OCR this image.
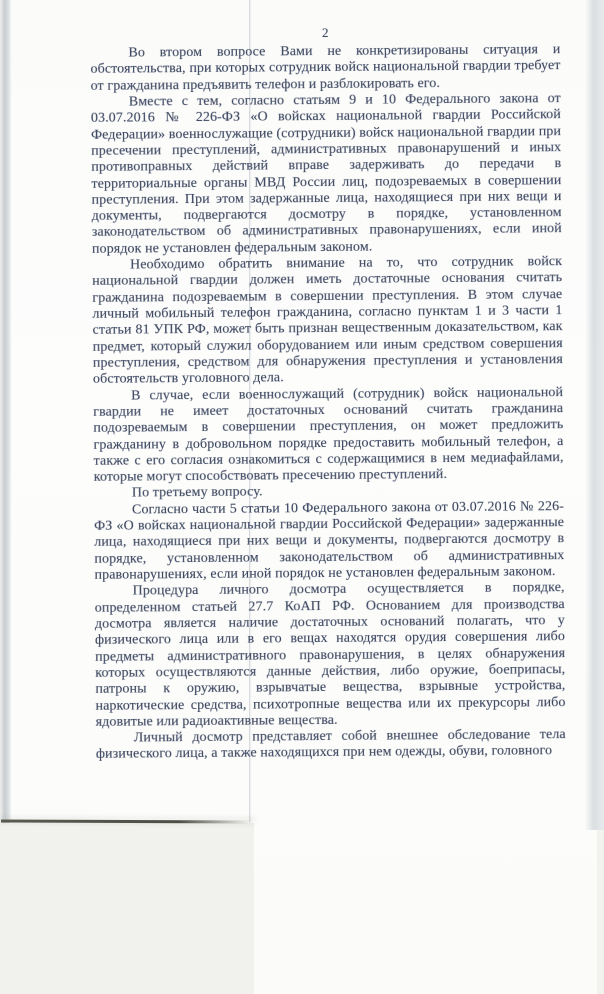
2

Во втором вопросе Вами не конкретизированы ситуация и обстоятельства, при которых сотрудник войск национальной гвардии требует от гражданина предъявить телефон и разблокировать его.

Вместе с тем, согласно статьям 9 и 10 Федерального закона от 03.07.2016 № 226-ФЗ «О войсках национальной гвардии Российской Федерации» военнослужащие (сотрудники) войск национальной гвардии при пресечении преступлений, административных правонарушений и иных противоправных действий вправе задерживать до передачи в территориальные органы МВД России лиц, подозреваемых в совершении преступления. При этом задержанные лица, находящиеся при них вещи и документы, подвергаются досмотру в порядке, установленном законодательством об административных правонарушениях, если иной порядок не установлен федеральным законом.

Необходимо обратить внимание на то, что сотрудник войск национальной гвардии должен иметь достаточные основания считать гражданина подозреваемым в совершении преступления. В этом случае личный мобильный телефон гражданина, согласно пунктам 1 и 3 части 1 статьи 81 УПК РФ, может быть признан вещественным доказательством, как предмет, который служил оборудованием или иным средством совершения преступления, средством для обнаружения преступления и установления обстоятельств уголовного дела.

В случае, если военнослужащий (сотрудник) войск национальной гвардии не имеет достаточных оснований считать гражданина подозреваемым в совершении преступления, он может предложить гражданину в добровольном порядке предоставить мобильный телефон, а также с его согласия ознакомиться с содержащимися в нем медиафайлами, которые могут способствовать пресечению преступлений.

По третьему вопросу.

Согласно части 5 статьи 10 Федерального закона от 03.07.2016 № 226-ФЗ «О войсках национальной гвардии Российской Федерации» задержанные лица, находящиеся при них вещи и документы, подвергаются досмотру в порядке, установленном законодательством об административных правонарушениях, если иной порядок не установлен федеральным законом.

Процедура личного досмотра осуществляется в порядке, определенном статьей 27.7 КоАП РФ. Основанием для производства досмотра является наличие достаточных оснований полагать, что у физического лица или в его вещах находятся орудия совершения либо предметы административного правонарушения, в целях обнаружения которых осуществляются данные действия, либо оружие, боеприпасы, патроны к оружию, взрывчатые вещества, взрывные устройства, наркотические средства, психотропные вещества или их прекурсоры либо ядовитые или радиоактивные вещества.

Личный досмотр представляет собой внешнее обследование тела физического лица, а также находящихся при нем одежды, обуви, головного
